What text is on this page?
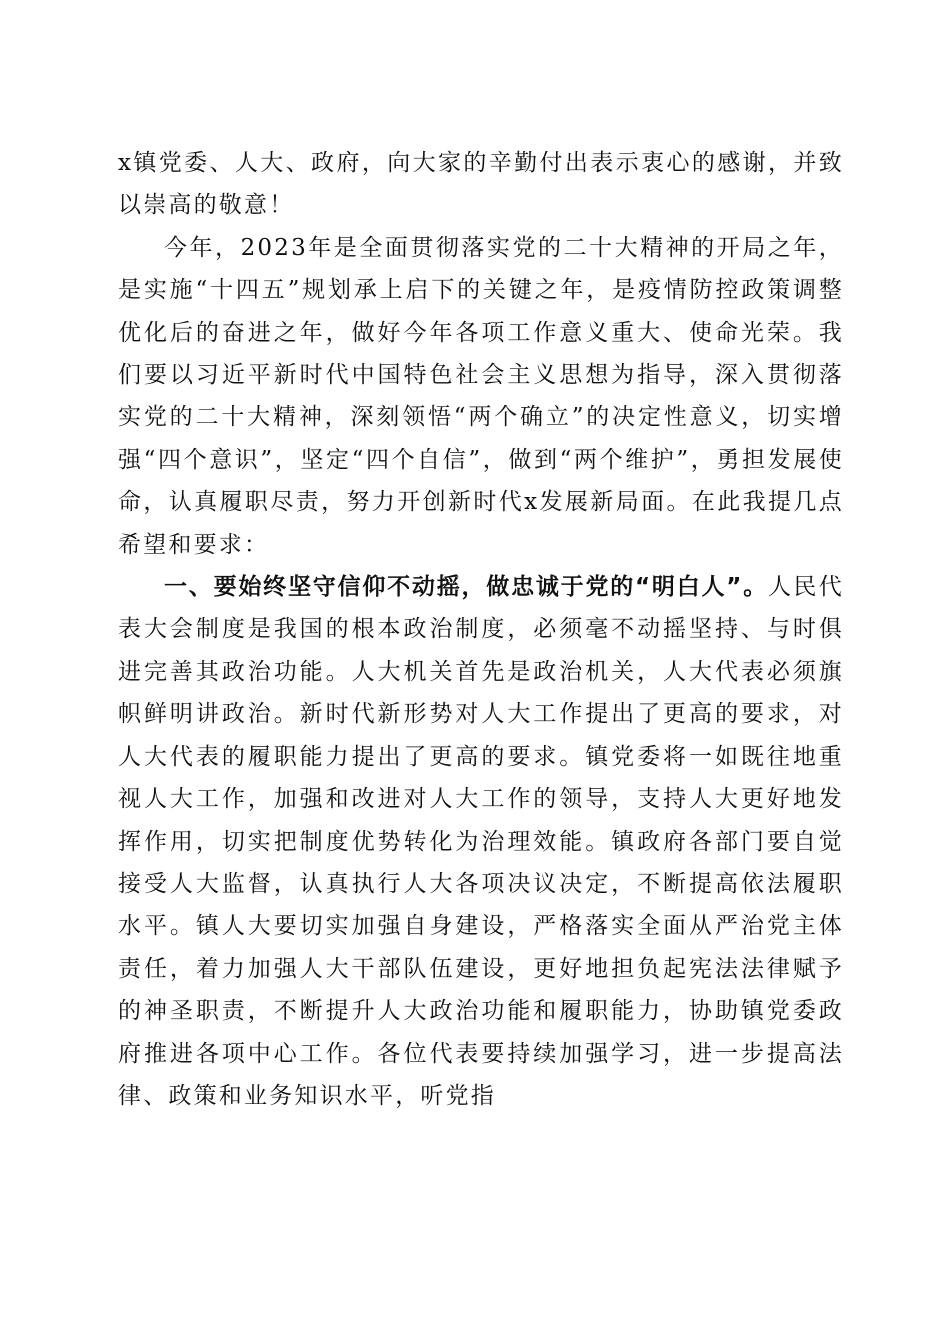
x镇党委、人大、政府，向大家的辛勤付出表示衷心的感谢，并致以崇高的敬意！

今年，2023年是全面贯彻落实党的二十大精神的开局之年，是实施“十四五”规划承上启下的关键之年，是疫情防控政策调整优化后的奋进之年，做好今年各项工作意义重大、使命光荣。我们要以习近平新时代中国特色社会主义思想为指导，深入贯彻落实党的二十大精神，深刻领悟“两个确立”的决定性意义，切实增强“四个意识”，坚定“四个自信”，做到“两个维护”，勇担发展使命，认真履职尽责，努力开创新时代x发展新局面。在此我提几点希望和要求：

一、要始终坚守信仰不动摇，做忠诚于党的“明白人”。人民代表大会制度是我国的根本政治制度，必须毫不动摇坚持、与时俱进完善其政治功能。人大机关首先是政治机关，人大代表必须旗帜鲜明讲政治。新时代新形势对人大工作提出了更高的要求，对人大代表的履职能力提出了更高的要求。镇党委将一如既往地重视人大工作，加强和改进对人大工作的领导，支持人大更好地发挥作用，切实把制度优势转化为治理效能。镇政府各部门要自觉接受人大监督，认真执行人大各项决议决定，不断提高依法履职水平。镇人大要切实加强自身建设，严格落实全面从严治党主体责任，着力加强人大干部队伍建设，更好地担负起宪法法律赋予的神圣职责，不断提升人大政治功能和履职能力，协助镇党委政府推进各项中心工作。各位代表要持续加强学习，进一步提高法律、政策和业务知识水平，听党指
